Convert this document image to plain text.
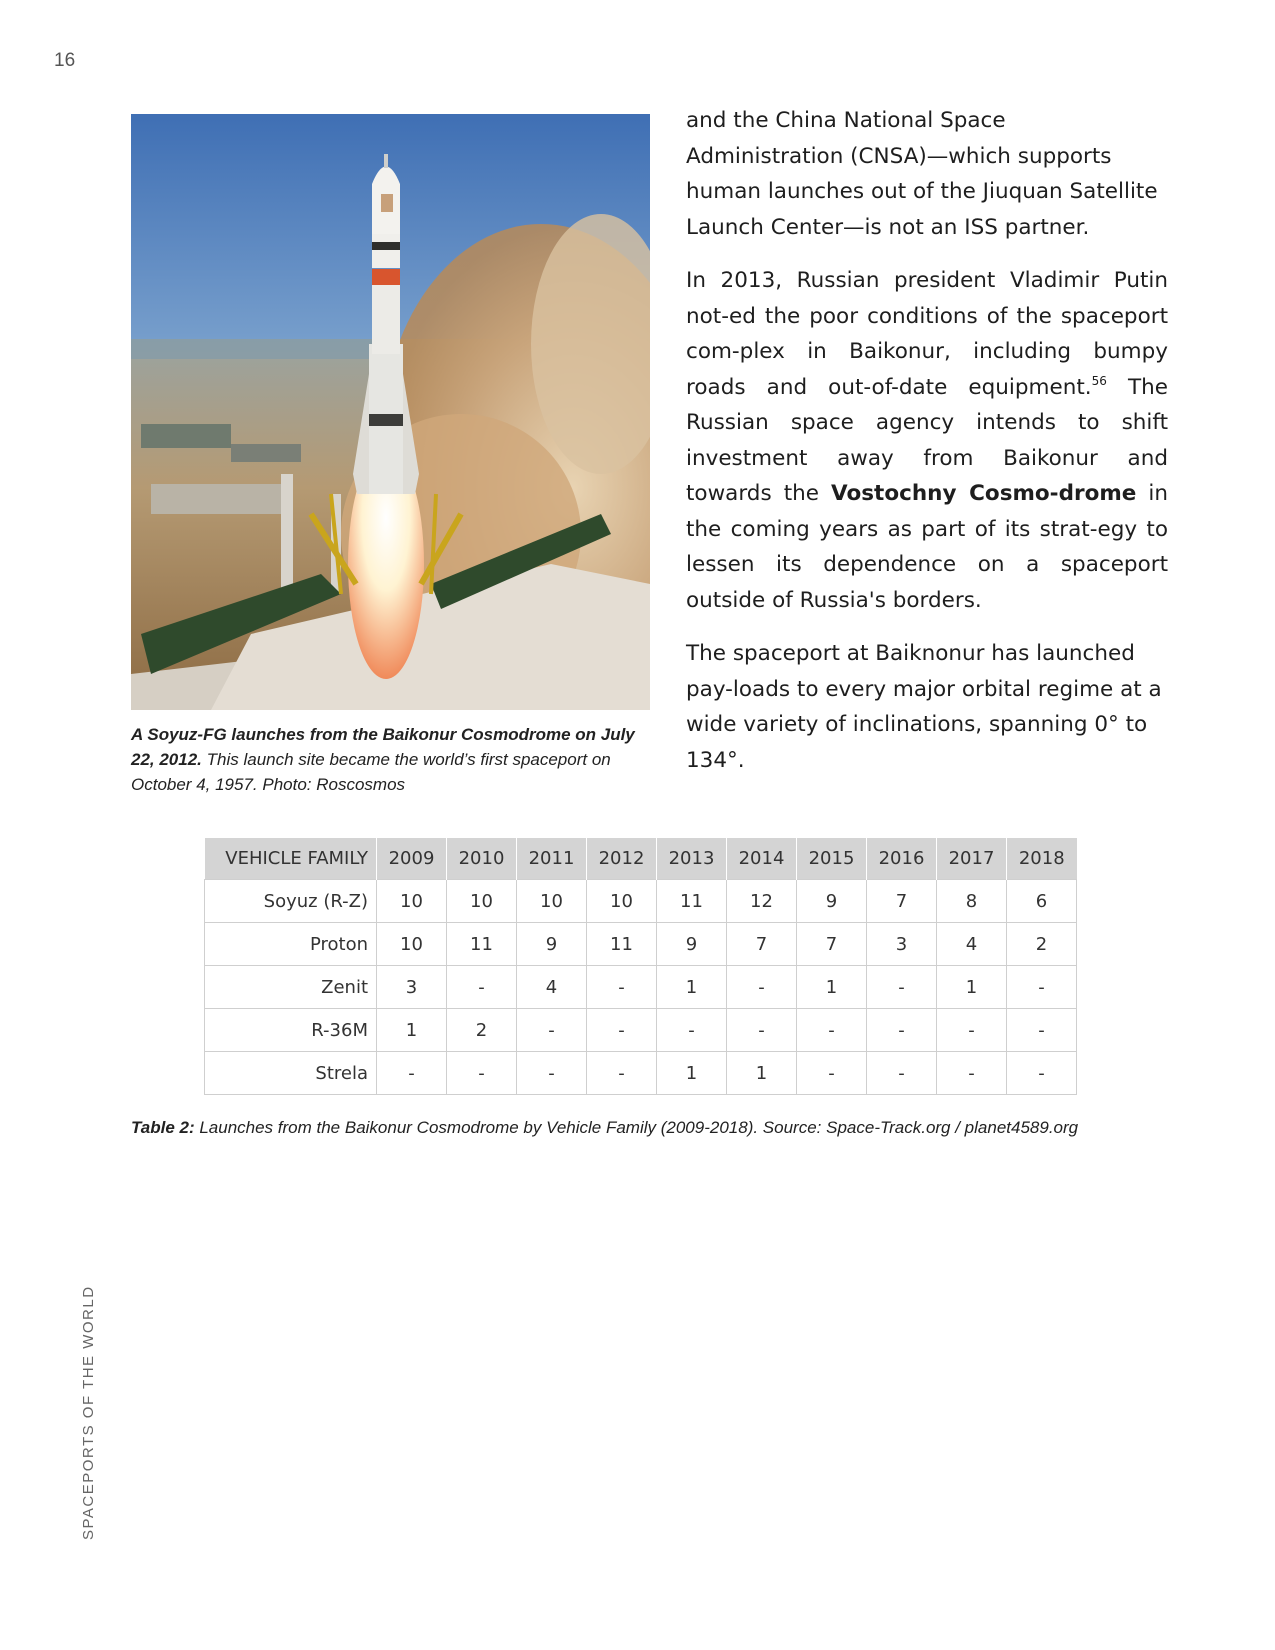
16
SPACEPORTS OF THE WORLD
A Soyuz-FG launches from the Baikonur Cosmodrome on July 22, 2012. This launch site became the world’s first spaceport on October 4, 1957. Photo: Roscosmos

and the China National Space Administration (CNSA)—which supports human launches out of the Jiuquan Satellite Launch Center—is not an ISS partner.

In 2013, Russian president Vladimir Putin not-ed the poor conditions of the spaceport com-plex in Baikonur, including bumpy roads and out-of-date equipment.$^{56}$ The Russian space agency intends to shift investment away from Baikonur and towards the Vostochny Cosmo-drome in the coming years as part of its strat-egy to lessen its dependence on a spaceport outside of Russia's borders.

The spaceport at Baiknonur has launched pay-loads to every major orbital regime at a wide variety of inclinations, spanning 0° to 134°.

VEHICLE FAMILY	2009	2010	2011	2012	2013	2014	2015	2016	2017	2018
Soyuz (R-Z)	10	10	10	10	11	12	9	7	8	6
Proton	10	11	9	11	9	7	7	3	4	2
Zenit	3	-	4	-	1	-	1	-	1	-
R-36M	1	2	-	-	-	-	-	-	-	-
Strela	-	-	-	-	1	1	-	-	-	-
Table 2: Launches from the Baikonur Cosmodrome by Vehicle Family (2009-2018). Source: Space-Track.org / planet4589.org
